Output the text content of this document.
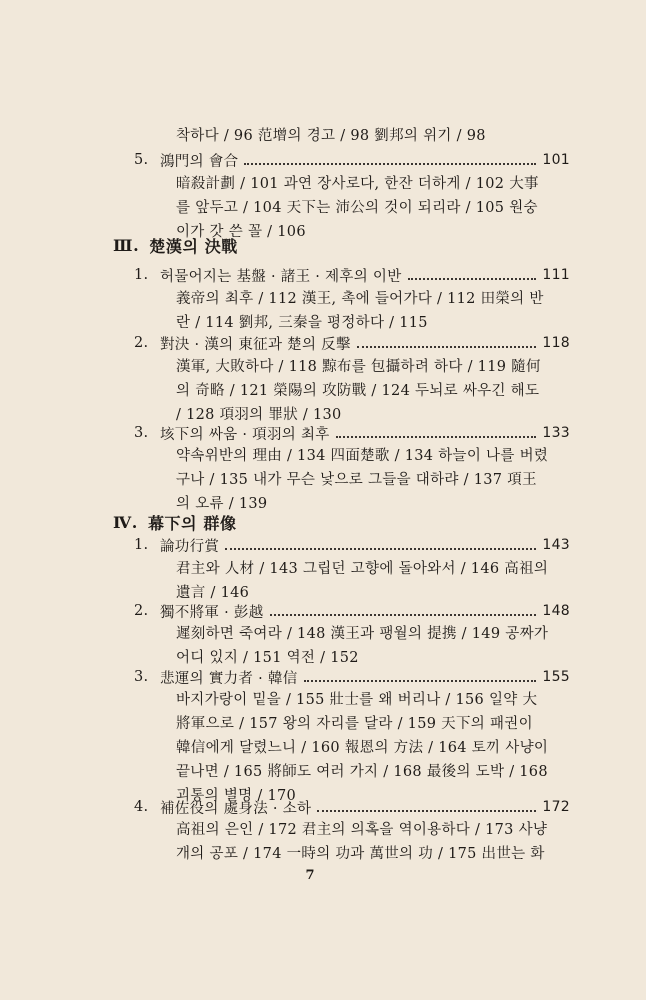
착하다 / 96 范增의 경고 / 98 劉邦의 위기 / 98
5. 鴻門의 會合	101
暗殺計劃 / 101 과연 장사로다, 한잔 더하게 / 102 大事
를 앞두고 / 104 天下는 沛公의 것이 되리라 / 105 원숭
이가 갓 쓴 꼴 / 106
Ⅲ. 楚漢의 決戰
1. 허물어지는 基盤 · 諸王 · 제후의 이반	111
義帝의 최후 / 112 漢王, 촉에 들어가다 / 112 田榮의 반
란 / 114 劉邦, 三秦을 평정하다 / 115
2. 對決 · 漢의 東征과 楚의 反擊	118
漢軍, 大敗하다 / 118 黥布를 包攝하려 하다 / 119 隨何
의 奇略 / 121 榮陽의 攻防戰 / 124 두뇌로 싸우긴 해도
/ 128 項羽의 罪狀 / 130
3. 垓下의 싸움 · 項羽의 최후	133
약속위반의 理由 / 134 四面楚歌 / 134 하늘이 나를 버렸
구나 / 135 내가 무슨 낯으로 그들을 대하랴 / 137 項王
의 오류 / 139
Ⅳ. 幕下의 群像
1. 論功行賞	143
君主와 人材 / 143 그립던 고향에 돌아와서 / 146 高祖의
遺言 / 146
2. 獨不將軍 · 彭越	148
遲刻하면 죽여라 / 148 漢王과 팽월의 提携 / 149 공짜가
어디 있지 / 151 역전 / 152
3. 悲運의 實力者 · 韓信	155
바지가랑이 밑을 / 155 壯士를 왜 버리나 / 156 일약 大
將軍으로 / 157 왕의 자리를 달라 / 159 天下의 패권이
韓信에게 달렸느니 / 160 報恩의 方法 / 164 토끼 사냥이
끝나면 / 165 將師도 여러 가지 / 168 最後의 도박 / 168
괴통의 별명 / 170
4. 補佐役의 處身法 · 소하	172
高祖의 은인 / 172 君主의 의혹을 역이용하다 / 173 사냥
개의 공포 / 174 一時의 功과 萬世의 功 / 175 出世는 화
7
